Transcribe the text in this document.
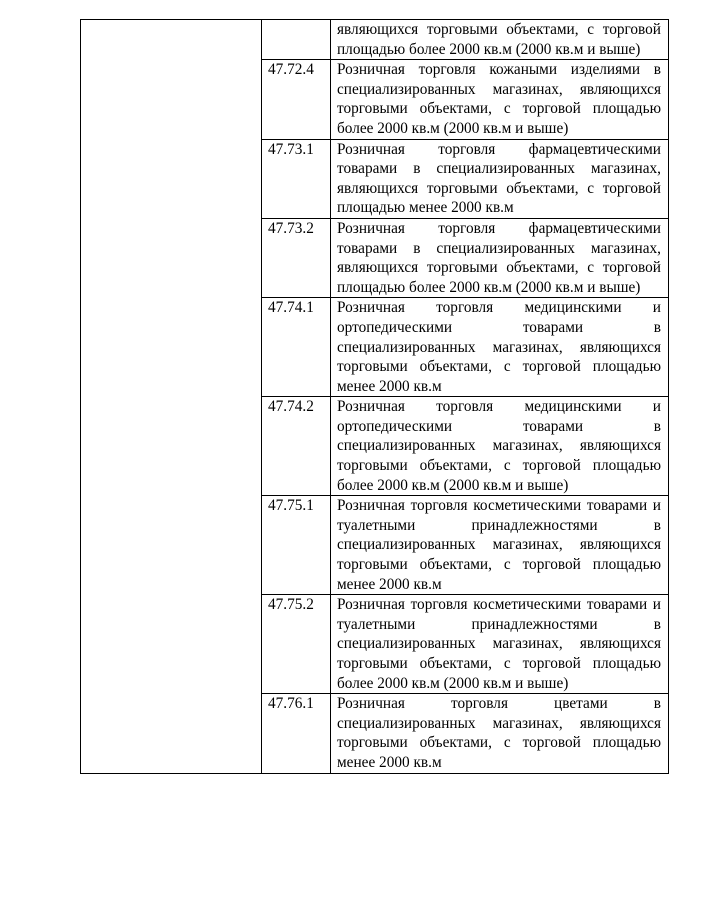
		являющихся торговыми объектами, с торговой площадью более 2000 кв.м (2000 кв.м и выше)
	47.72.4	Розничная торговля кожаными изделиями в специализированных магазинах, являющихся торговыми объектами, с торговой площадью более 2000 кв.м (2000 кв.м и выше)
	47.73.1	Розничная торговля фармацевтическими товарами в специализированных магазинах, являющихся торговыми объектами, с торговой площадью менее 2000 кв.м
	47.73.2	Розничная торговля фармацевтическими товарами в специализированных магазинах, являющихся торговыми объектами, с торговой площадью более 2000 кв.м (2000 кв.м и выше)
	47.74.1	Розничная торговля медицинскими и ортопедическими товарами в специализированных магазинах, являющихся торговыми объектами, с торговой площадью менее 2000 кв.м
	47.74.2	Розничная торговля медицинскими и ортопедическими товарами в специализированных магазинах, являющихся торговыми объектами, с торговой площадью более 2000 кв.м (2000 кв.м и выше)
	47.75.1	Розничная торговля косметическими товарами и туалетными принадлежностями в специализированных магазинах, являющихся торговыми объектами, с торговой площадью менее 2000 кв.м
	47.75.2	Розничная торговля косметическими товарами и туалетными принадлежностями в специализированных магазинах, являющихся торговыми объектами, с торговой площадью более 2000 кв.м (2000 кв.м и выше)
	47.76.1	Розничная торговля цветами в специализированных магазинах, являющихся торговыми объектами, с торговой площадью менее 2000 кв.м
